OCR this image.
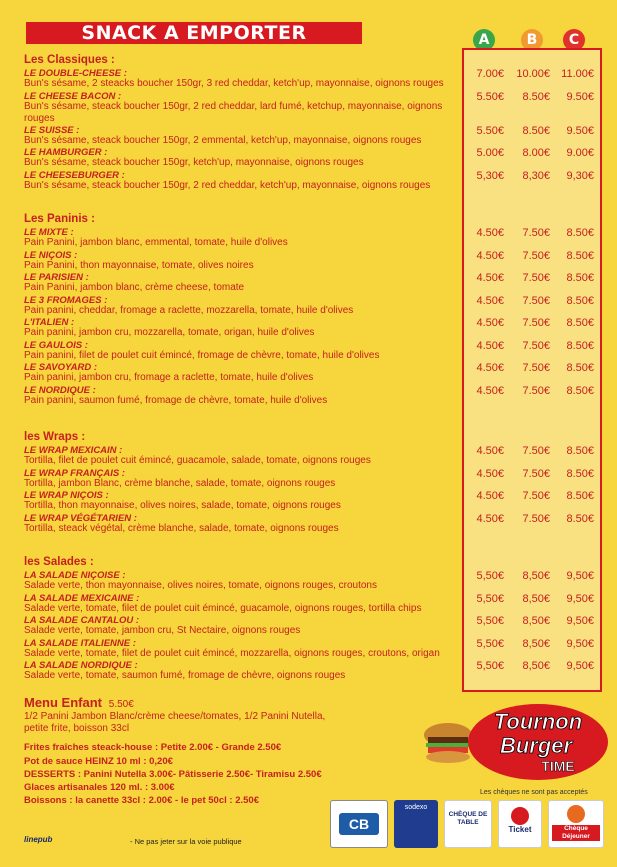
SNACK A EMPORTER	A	B	C
Les Classiques :
LE DOUBLE-CHEESE :
Bun's sésame, 2 steacks boucher 150gr, 3 red cheddar, ketch'up, mayonnaise, oignons rouges
7.00€	10.00€	11.00€
LE CHEESE BACON :
Bun's sésame, steack boucher 150gr, 2 red cheddar, lard fumé, ketchup, mayonnaise, oignons rouges
5.50€	8.50€	9.50€
LE SUISSE :
Bun's sésame, steack boucher 150gr, 2 emmental, ketch'up, mayonnaise, oignons rouges
5.50€	8.50€	9.50€
LE HAMBURGER :
Bun's sésame, steack boucher 150gr, ketch'up, mayonnaise, oignons rouges
5.00€	8.00€	9.00€
LE CHEESEBURGER :
Bun's sésame, steack boucher 150gr, 2 red cheddar, ketch'up, mayonnaise, oignons rouges
5,30€	8,30€	9,30€
Les Paninis :
LE MIXTE :
Pain Panini, jambon blanc, emmental, tomate, huile d'olives
4.50€	7.50€	8.50€
LE NIÇOIS :
Pain Panini, thon mayonnaise, tomate, olives noires
4.50€	7.50€	8.50€
LE PARISIEN :
Pain Panini, jambon blanc, crème cheese, tomate
4.50€	7.50€	8.50€
LE 3 FROMAGES :
Pain panini, cheddar, fromage a raclette, mozzarella, tomate, huile d'olives
4.50€	7.50€	8.50€
L'ITALIEN :
Pain panini, jambon cru, mozzarella, tomate, origan, huile d'olives
4.50€	7.50€	8.50€
LE GAULOIS :
Pain panini, filet de poulet cuit émincé, fromage de chèvre, tomate, huile d'olives
4.50€	7.50€	8.50€
LE SAVOYARD :
Pain panini, jambon cru, fromage a raclette, tomate, huile d'olives
4.50€	7.50€	8.50€
LE NORDIQUE :
Pain panini, saumon fumé, fromage de chèvre, tomate, huile d'olives
4.50€	7.50€	8.50€
les Wraps :
LE WRAP MEXICAIN :
Tortilla, filet de poulet cuit émincé, guacamole, salade, tomate, oignons rouges
4.50€	7.50€	8.50€
LE WRAP FRANÇAIS :
Tortilla, jambon Blanc, crème blanche, salade, tomate, oignons rouges
4.50€	7.50€	8.50€
LE WRAP NIÇOIS :
Tortilla, thon mayonnaise, olives noires, salade, tomate, oignons rouges
4.50€	7.50€	8.50€
LE WRAP VÉGÉTARIEN :
Tortilla, steack végétal, crème blanche, salade, tomate, oignons rouges
4.50€	7.50€	8.50€
les Salades :
LA SALADE NIÇOISE :
Salade verte, thon mayonnaise, olives noires, tomate, oignons rouges, croutons
5,50€	8,50€	9,50€
LA SALADE MEXICAINE :
Salade verte, tomate, filet de poulet cuit émincé, guacamole, oignons rouges, tortilla chips
5,50€	8,50€	9,50€
LA SALADE CANTALOU :
Salade verte, tomate, jambon cru, St Nectaire, oignons rouges
5,50€	8,50€	9,50€
LA SALADE ITALIENNE :
Salade verte, tomate, filet de poulet cuit émincé, mozzarella, oignons rouges, croutons, origan
5,50€	8,50€	9,50€
LA SALADE NORDIQUE :
Salade verte, tomate, saumon fumé, fromage de chèvre, oignons rouges
5,50€	8,50€	9,50€
Menu Enfant 5.50€
1/2 Panini Jambon Blanc/crème cheese/tomates, 1/2 Panini Nutella, petite frite, boisson 33cl
Frites fraîches steack-house : Petite 2.00€ - Grande 2.50€
Pot de sauce HEINZ 10 ml : 0,20€
DESSERTS : Panini Nutella 3.00€- Pâtisserie 2.50€- Tiramisu 2.50€
Glaces artisanales 120 ml. : 3.00€
Boissons : la canette 33cl : 2.00€ - le pet 50cl : 2.50€
Tournon
Burger
TIME
Les chèques ne sont pas acceptés
CB
sodexo
CHÈQUE DE TABLE
Ticket	Chèque Déjeuner
linepub	- Ne pas jeter sur la voie publique
